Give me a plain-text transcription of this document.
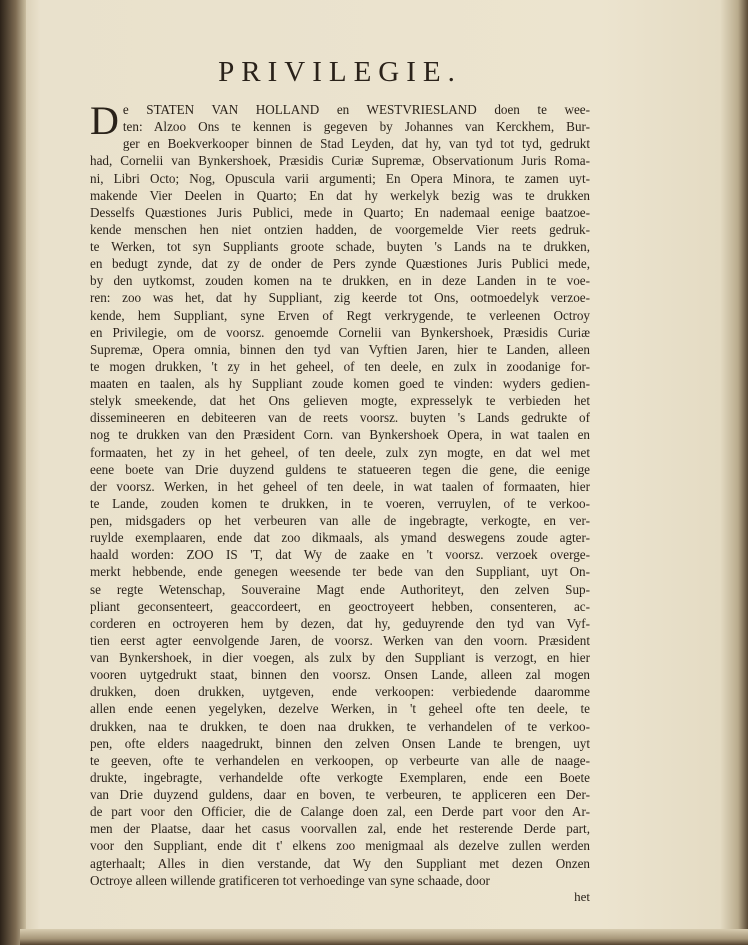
PRIVILEGIE.
D e STATEN VAN HOLLAND en WESTVRIESLAND doen te wee-
ten: Alzoo Ons te kennen is gegeven by Johannes van Kerckhem, Bur-
ger en Boekverkooper binnen de Stad Leyden, dat hy, van tyd tot tyd, gedrukt
had, Cornelii van Bynkershoek, Præsidis Curiæ Supremæ, Observationum Juris Roma-
ni, Libri Octo; Nog, Opuscula varii argumenti; En Opera Minora, te zamen uyt-
makende Vier Deelen in Quarto; En dat hy werkelyk bezig was te drukken
Desselfs Quæstiones Juris Publici, mede in Quarto; En nademaal eenige baatzoe-
kende menschen hen niet ontzien hadden, de voorgemelde Vier reets gedruk-
te Werken, tot syn Suppliants groote schade, buyten 's Lands na te drukken,
en bedugt zynde, dat zy de onder de Pers zynde Quæstiones Juris Publici mede,
by den uytkomst, zouden komen na te drukken, en in deze Landen in te voe-
ren: zoo was het, dat hy Suppliant, zig keerde tot Ons, ootmoedelyk verzoe-
kende, hem Suppliant, syne Erven of Regt verkrygende, te verleenen Octroy
en Privilegie, om de voorsz. genoemde Cornelii van Bynkershoek, Præsidis Curiæ
Supremæ, Opera omnia, binnen den tyd van Vyftien Jaren, hier te Landen, alleen
te mogen drukken, 't zy in het geheel, of ten deele, en zulx in zoodanige for-
maaten en taalen, als hy Suppliant zoude komen goed te vinden: wyders gedien-
stelyk smeekende, dat het Ons gelieven mogte, expresselyk te verbieden het
dissemineeren en debiteeren van de reets voorsz. buyten 's Lands gedrukte of
nog te drukken van den Præsident Corn. van Bynkershoek Opera, in wat taalen en
formaaten, het zy in het geheel, of ten deele, zulx zyn mogte, en dat wel met
eene boete van Drie duyzend guldens te statueeren tegen die gene, die eenige
der voorsz. Werken, in het geheel of ten deele, in wat taalen of formaaten, hier
te Lande, zouden komen te drukken, in te voeren, verruylen, of te verkoo-
pen, midsgaders op het verbeuren van alle de ingebragte, verkogte, en ver-
ruylde exemplaaren, ende dat zoo dikmaals, als ymand deswegens zoude agter-
haald worden: ZOO IS 'T, dat Wy de zaake en 't voorsz. verzoek overge-
merkt hebbende, ende genegen weesende ter bede van den Suppliant, uyt On-
se regte Wetenschap, Souveraine Magt ende Authoriteyt, den zelven Sup-
pliant geconsenteert, geaccordeert, en geoctroyeert hebben, consenteren, ac-
corderen en octroyeren hem by dezen, dat hy, geduyrende den tyd van Vyf-
tien eerst agter eenvolgende Jaren, de voorsz. Werken van den voorn. Præsident
van Bynkershoek, in dier voegen, als zulx by den Suppliant is verzogt, en hier
vooren uytgedrukt staat, binnen den voorsz. Onsen Lande, alleen zal mogen
drukken, doen drukken, uytgeven, ende verkoopen: verbiedende daaromme
allen ende eenen yegelyken, dezelve Werken, in 't geheel ofte ten deele, te
drukken, naa te drukken, te doen naa drukken, te verhandelen of te verkoo-
pen, ofte elders naagedrukt, binnen den zelven Onsen Lande te brengen, uyt
te geeven, ofte te verhandelen en verkoopen, op verbeurte van alle de naage-
drukte, ingebragte, verhandelde ofte verkogte Exemplaren, ende een Boete
van Drie duyzend guldens, daar en boven, te verbeuren, te appliceren een Der-
de part voor den Officier, die de Calange doen zal, een Derde part voor den Ar-
men der Plaatse, daar het casus voorvallen zal, ende het resterende Derde part,
voor den Suppliant, ende dit t' elkens zoo menigmaal als dezelve zullen werden
agterhaalt; Alles in dien verstande, dat Wy den Suppliant met dezen Onzen
Octroye alleen willende gratificeren tot verhoedinge van syne schaade, door
het
